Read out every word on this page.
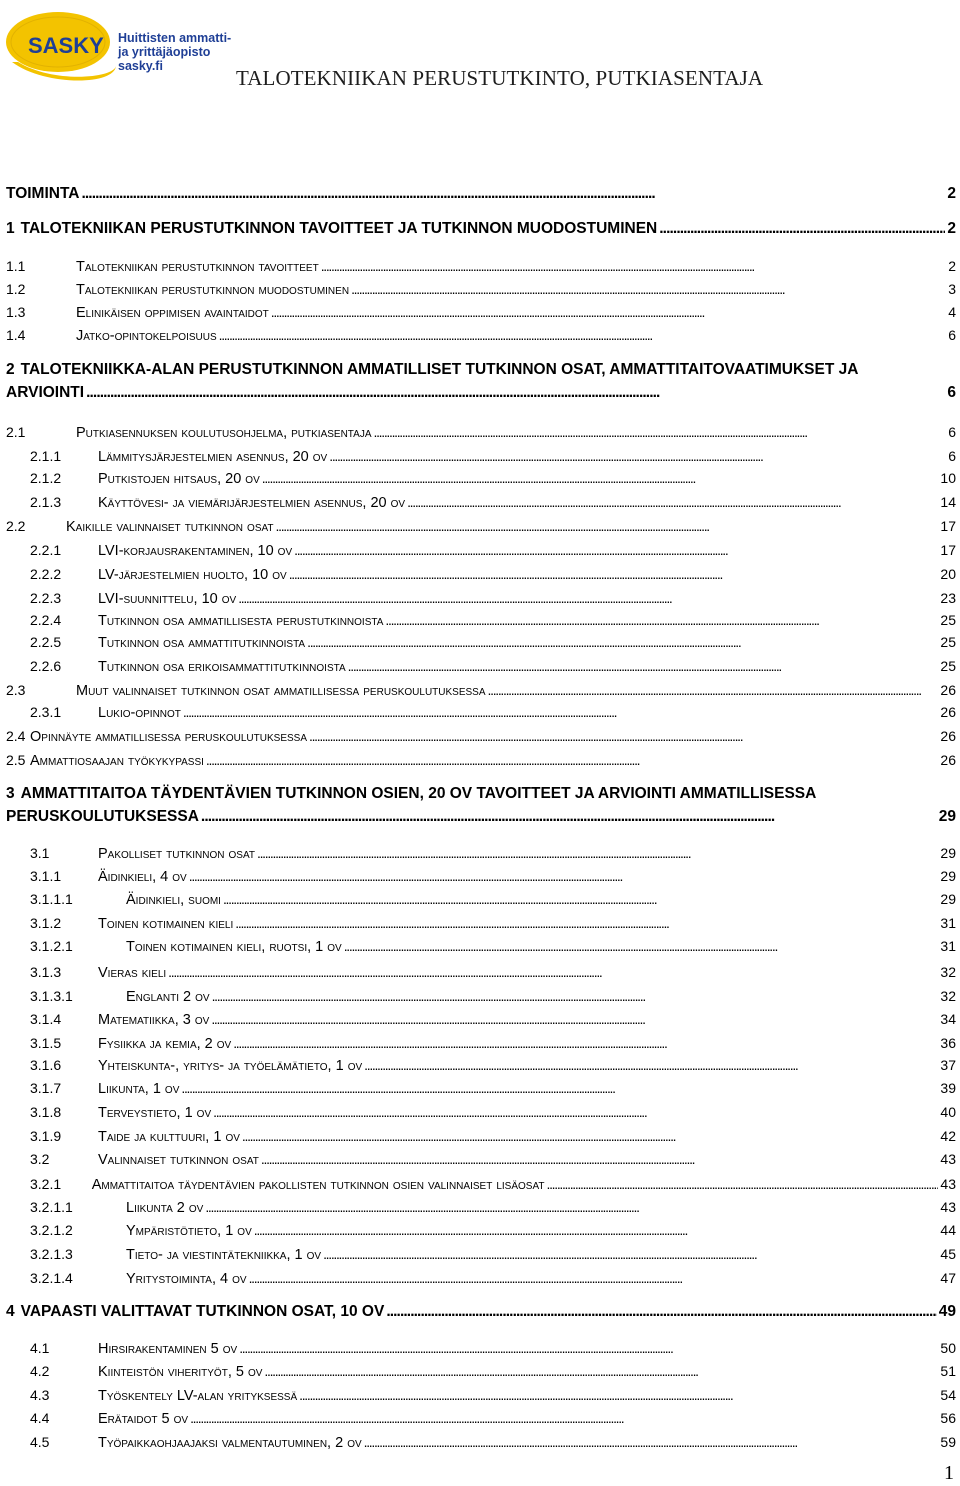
SASKY Huittisten ammatti-
ja yrittäjäopisto
sasky.fi	TALOTEKNIIKAN PERUSTUTKINTO, PUTKIASENTAJA
TOIMINTA . . .	2
1 TALOTEKNIIKAN PERUSTUTKINNON TAVOITTEET JA TUTKINNON MUODOSTUMINEN . . .	2
1.1	Talotekniikan perustutkinnon tavoitteet . . .	2
1.2	Talotekniikan perustutkinnon muodostuminen . . .	3
1.3	Elinikäisen oppimisen avaintaidot . . .	4
1.4	Jatko-opintokelpoisuus . . .	6
2 TALOTEKNIIKKA-ALAN PERUSTUTKINNON AMMATILLISET TUTKINNON OSAT, AMMATTITAITOVAATIMUKSET JA
ARVIOINTI . . .	6
2.1	Putkiasennuksen koulutusohjelma, putkiasentaja . . .	6
2.1.1	Lämmitysjärjestelmien asennus, 20 ov . . .	6
2.1.2	Putkistojen hitsaus, 20 ov . . .	10
2.1.3	Käyttövesi- ja viemärijärjestelmien asennus, 20 ov . . .	14
2.2	Kaikille valinnaiset tutkinnon osat . . .	17
2.2.1	LVI-korjausrakentaminen, 10 ov . . .	17
2.2.2	LV-järjestelmien huolto, 10 ov . . .	20
2.2.3	LVI-suunnittelu, 10 ov . . .	23
2.2.4	Tutkinnon osa ammatillisesta perustutkinnoista . . .	25
2.2.5	Tutkinnon osa ammattitutkinnoista . . .	25
2.2.6	Tutkinnon osa erikoisammattitutkinnoista . . .	25
2.3	Muut valinnaiset tutkinnon osat ammatillisessa peruskoulutuksessa . . .	26
2.3.1	Lukio-opinnot . . .	26
2.4 Opinnäyte ammatillisessa peruskoulutuksessa . . .	26
2.5 Ammattiosaajan työkykypassi . . .	26
3 AMMATTITAITOA TÄYDENTÄVIEN TUTKINNON OSIEN, 20 OV TAVOITTEET JA ARVIOINTI AMMATILLISESSA
PERUSKOULUTUKSESSA . . .	29
3.1	Pakolliset tutkinnon osat . . .	29
3.1.1	Äidinkieli, 4 ov . . .	29
3.1.1.1	Äidinkieli, suomi . . .	29
3.1.2	Toinen kotimainen kieli . . .	31
3.1.2.1	Toinen kotimainen kieli, ruotsi, 1 ov . . .	31
3.1.3	Vieras kieli . . .	32
3.1.3.1	Englanti 2 ov . . .	32
3.1.4	Matematiikka, 3 ov . . .	34
3.1.5	Fysiikka ja kemia, 2 ov . . .	36
3.1.6	Yhteiskunta-, yritys- ja työelämätieto, 1 ov . . .	37
3.1.7	Liikunta, 1 ov . . .	39
3.1.8	Terveystieto, 1 ov . . .	40
3.1.9	Taide ja kulttuuri, 1 ov . . .	42
3.2	Valinnaiset tutkinnon osat . . .	43
3.2.1	Ammattitaitoa täydentävien pakollisten tutkinnon osien valinnaiset lisäosat . . .	43
3.2.1.1	Liikunta 2 ov . . .	43
3.2.1.2	Ympäristötieto, 1 ov . . .	44
3.2.1.3	Tieto- ja viestintätekniikka, 1 ov . . .	45
3.2.1.4	Yritystoiminta, 4 ov . . .	47
4 VAPAASTI VALITTAVAT TUTKINNON OSAT, 10 OV . . .	49
4.1	Hirsirakentaminen 5 ov . . .	50
4.2	Kiinteistön viherityöt, 5 ov . . .	51
4.3	Työskentely LV-alan yrityksessä . . .	54
4.4	Erätaidot 5 ov . . .	56
4.5	Työpaikkaohjaajaksi valmentautuminen, 2 ov . . .	59
1
